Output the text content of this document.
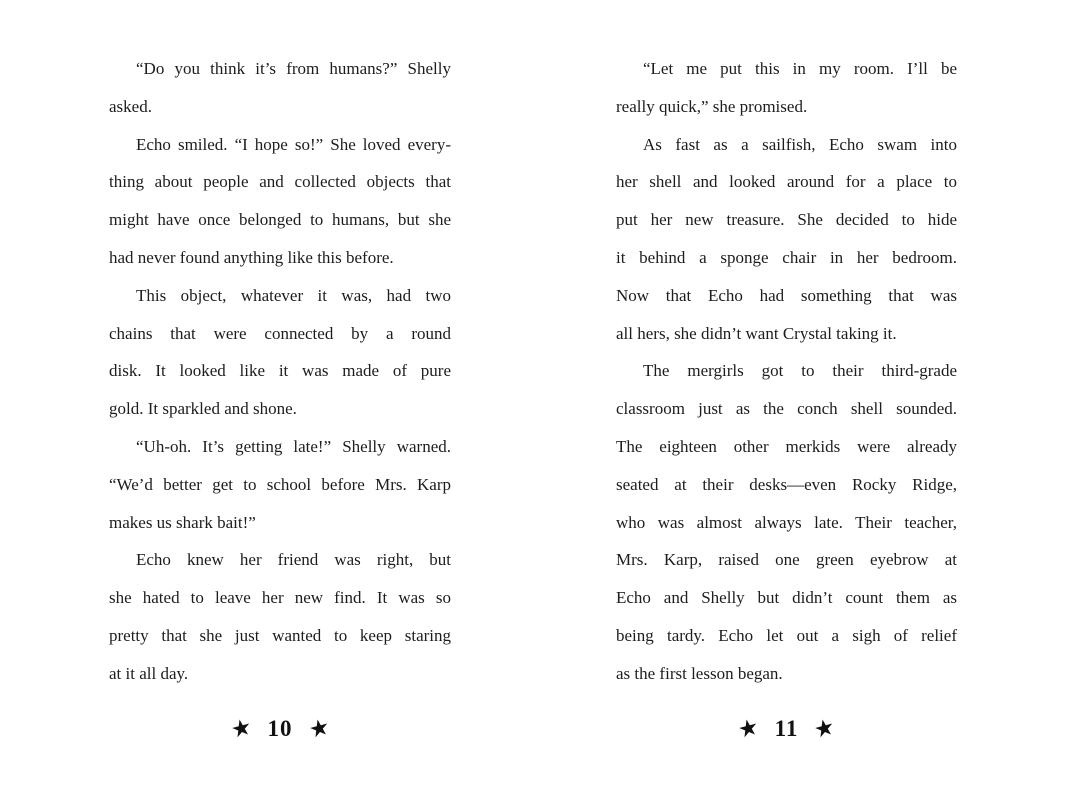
“Do you think it’s from humans?” Shelly
asked.
Echo smiled. “I hope so!” She loved every-
thing about people and collected objects that
might have once belonged to humans, but she
had never found anything like this before.
This object, whatever it was, had two
chains that were connected by a round
disk. It looked like it was made of pure
gold. It sparkled and shone.
“Uh-oh. It’s getting late!” Shelly warned.
“We’d better get to school before Mrs. Karp
makes us shark bait!”
Echo knew her friend was right, but
she hated to leave her new find. It was so
pretty that she just wanted to keep staring
at it all day.
★ 10 ★
“Let me put this in my room. I’ll be
really quick,” she promised.
As fast as a sailfish, Echo swam into
her shell and looked around for a place to
put her new treasure. She decided to hide
it behind a sponge chair in her bedroom.
Now that Echo had something that was
all hers, she didn’t want Crystal taking it.
The mergirls got to their third-grade
classroom just as the conch shell sounded.
The eighteen other merkids were already
seated at their desks—even Rocky Ridge,
who was almost always late. Their teacher,
Mrs. Karp, raised one green eyebrow at
Echo and Shelly but didn’t count them as
being tardy. Echo let out a sigh of relief
as the first lesson began.
★ 11 ★
